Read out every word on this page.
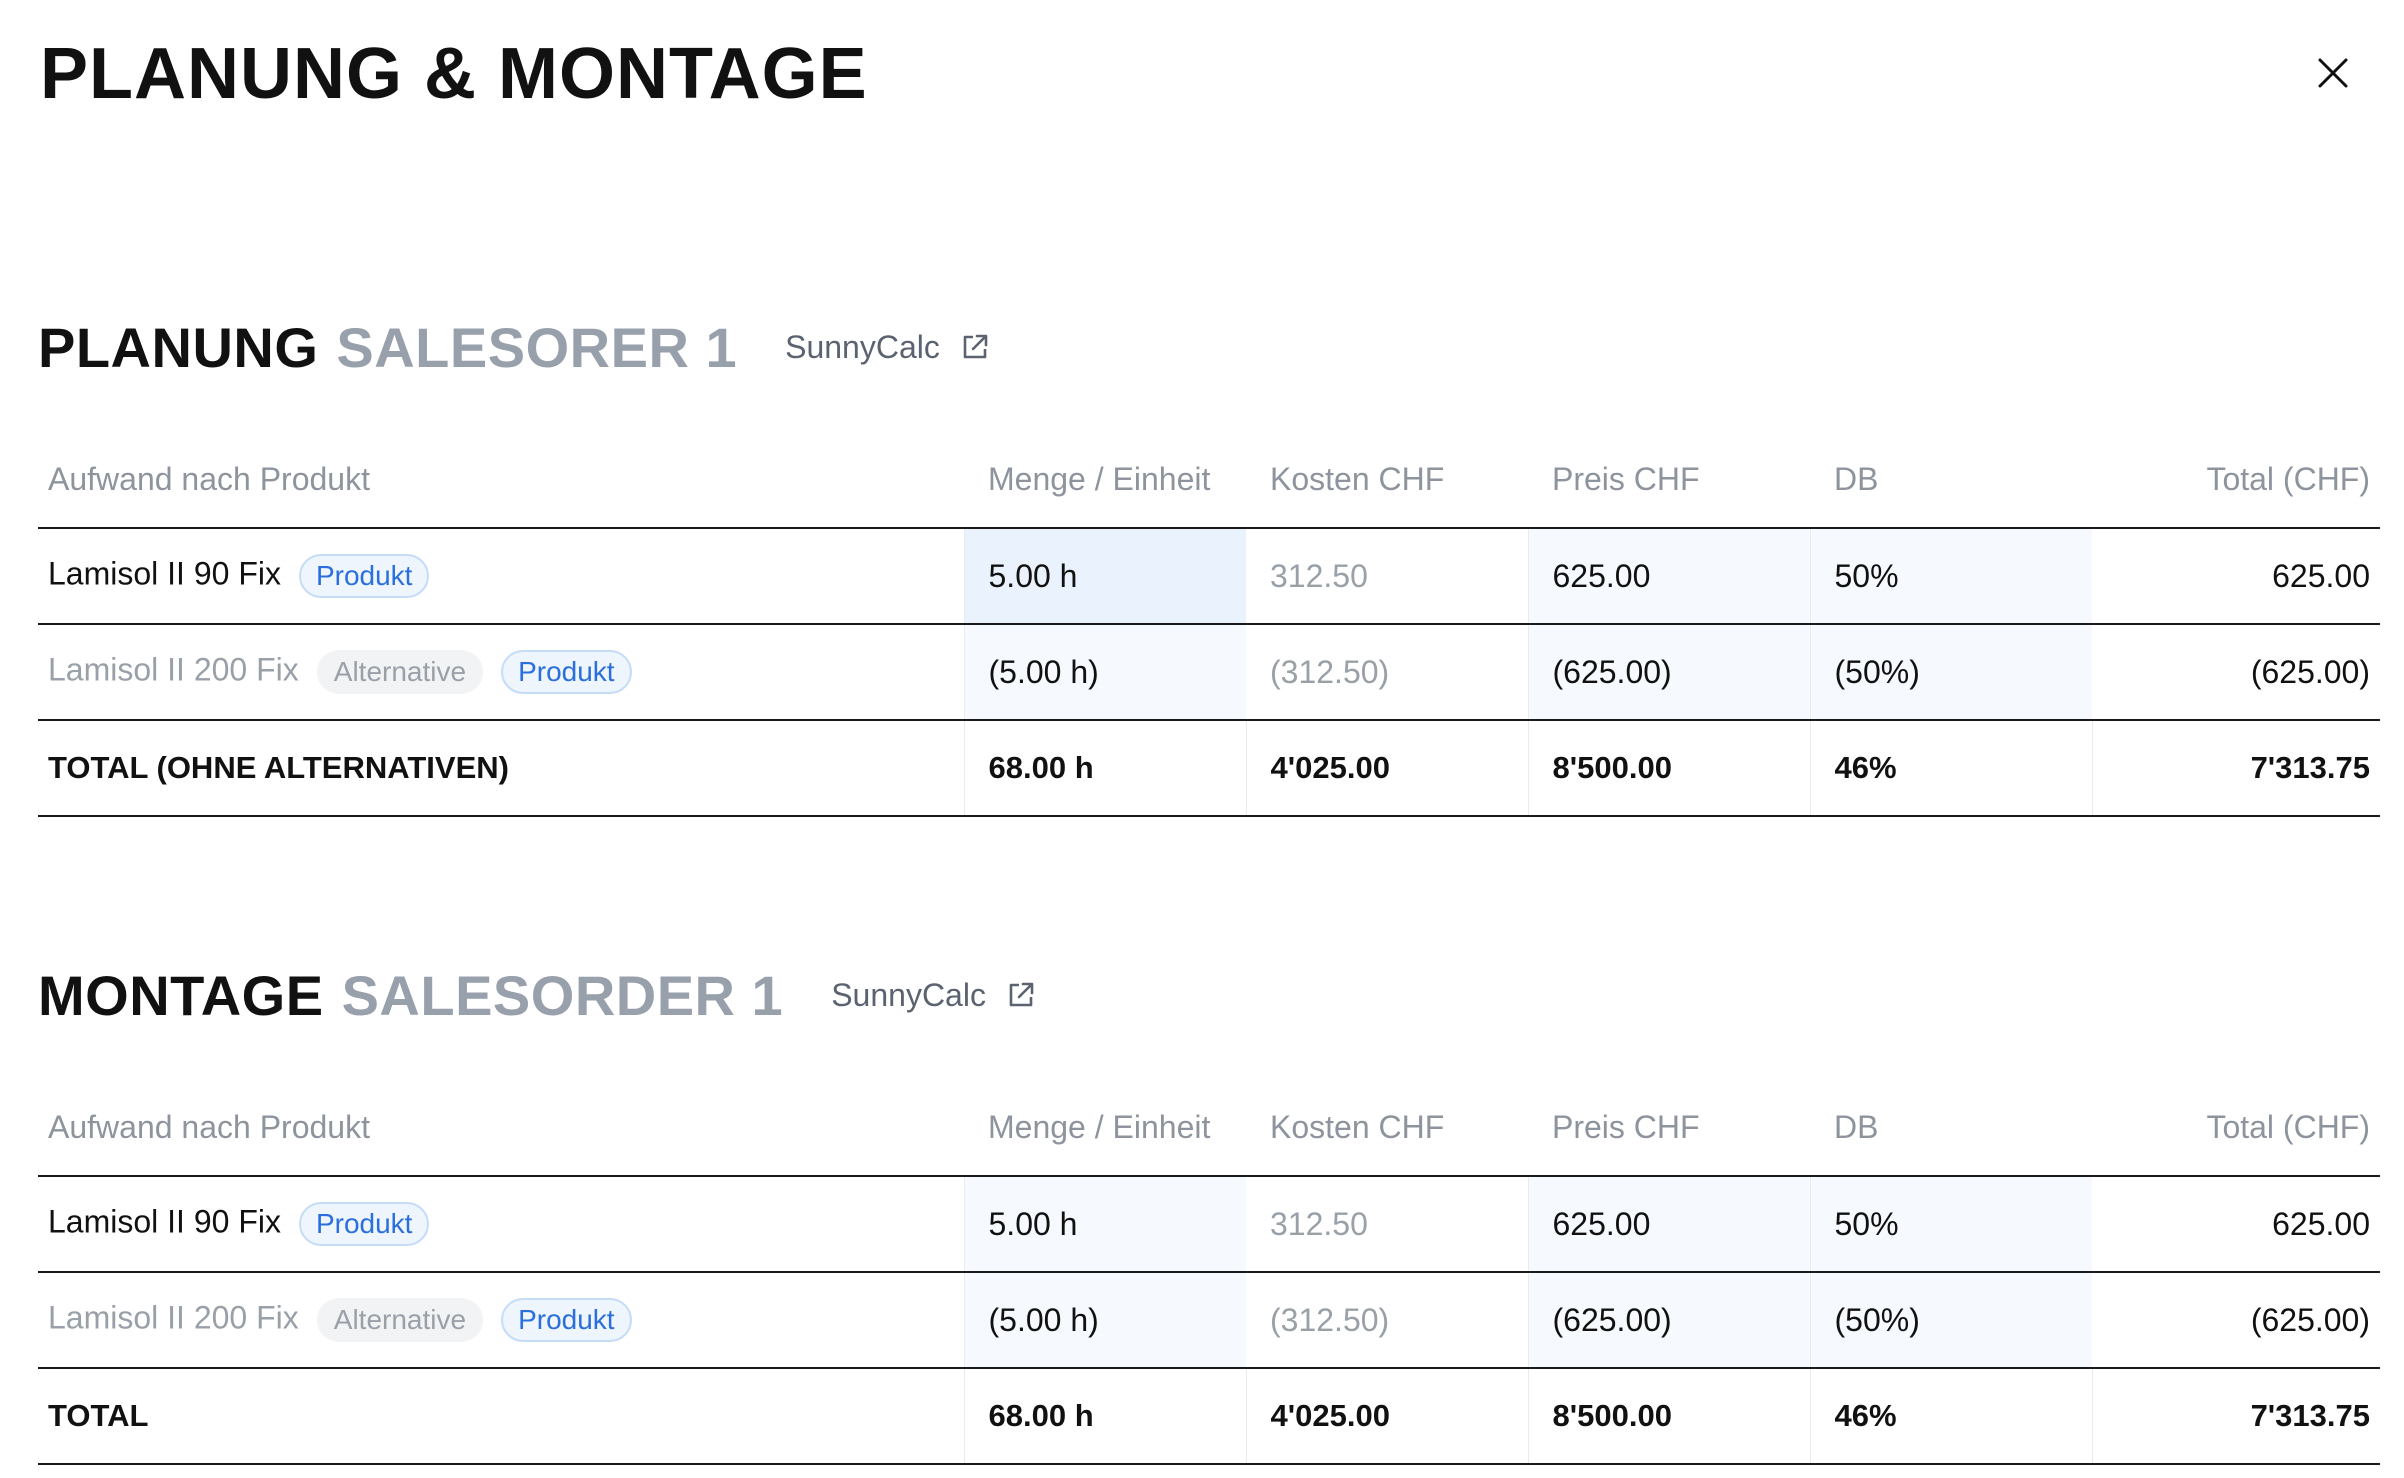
PLANUNG & MONTAGE
PLANUNG SALESORER 1 SunnyCalc
Aufwand nach Produkt	Menge / Einheit	Kosten CHF	Preis CHF	DB	Total (CHF)
Lamisol II 90 Fix Produkt	5.00 h	312.50	625.00	50%	625.00
Lamisol II 200 Fix Alternative Produkt	(5.00 h)	(312.50)	(625.00)	(50%)	(625.00)
TOTAL (OHNE ALTERNATIVEN)	68.00 h	4'025.00	8'500.00	46%	7'313.75
MONTAGE SALESORDER 1 SunnyCalc
Aufwand nach Produkt	Menge / Einheit	Kosten CHF	Preis CHF	DB	Total (CHF)
Lamisol II 90 Fix Produkt	5.00 h	312.50	625.00	50%	625.00
Lamisol II 200 Fix Alternative Produkt	(5.00 h)	(312.50)	(625.00)	(50%)	(625.00)
TOTAL	68.00 h	4'025.00	8'500.00	46%	7'313.75
